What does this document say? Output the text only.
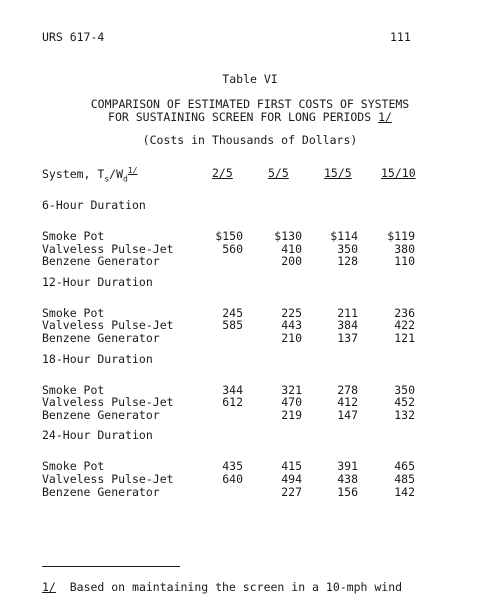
URS 617-4	111
Table VI
COMPARISON OF ESTIMATED FIRST COSTS OF SYSTEMS
FOR SUSTAINING SCREEN FOR LONG PERIODS 1/
(Costs in Thousands of Dollars)
System, $T_s/W_d^{1/}$	2/5	5/5	15/5	15/10
6-Hour Duration				

Smoke Pot	$150	$130	$114	$119
Valveless Pulse-Jet	560	410	350	380
Benzene Generator		200	128	110
12-Hour Duration				

Smoke Pot	245	225	211	236
Valveless Pulse-Jet	585	443	384	422
Benzene Generator		210	137	121
18-Hour Duration				

Smoke Pot	344	321	278	350
Valveless Pulse-Jet	612	470	412	452
Benzene Generator		219	147	132
24-Hour Duration				

Smoke Pot	435	415	391	465
Valveless Pulse-Jet	640	494	438	485
Benzene Generator		227	156	142
1/ Based on maintaining the screen in a 10-mph wind
